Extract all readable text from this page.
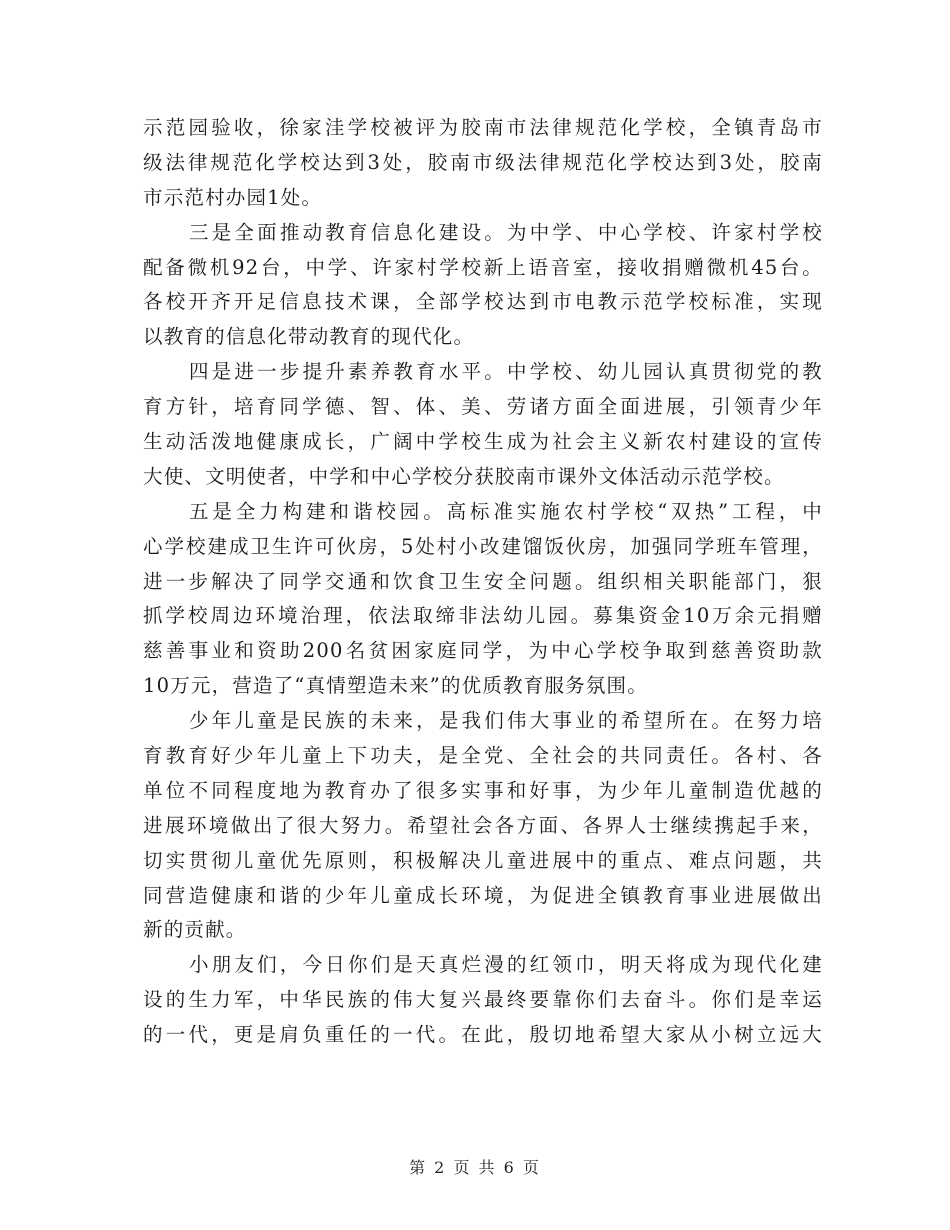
示范园验收，徐家洼学校被评为胶南市法律规范化学校，全镇青岛市
级法律规范化学校达到3处，胶南市级法律规范化学校达到3处，胶南
市示范村办园1处。
三是全面推动教育信息化建设。为中学、中心学校、许家村学校
配备微机92台，中学、许家村学校新上语音室，接收捐赠微机45台。
各校开齐开足信息技术课，全部学校达到市电教示范学校标准，实现
以教育的信息化带动教育的现代化。
四是进一步提升素养教育水平。中学校、幼儿园认真贯彻党的教
育方针，培育同学德、智、体、美、劳诸方面全面进展，引领青少年
生动活泼地健康成长，广阔中学校生成为社会主义新农村建设的宣传
大使、文明使者，中学和中心学校分获胶南市课外文体活动示范学校。
五是全力构建和谐校园。高标准实施农村学校“双热”工程，中
心学校建成卫生许可伙房，5处村小改建馏饭伙房，加强同学班车管理，
进一步解决了同学交通和饮食卫生安全问题。组织相关职能部门，狠
抓学校周边环境治理，依法取缔非法幼儿园。募集资金10万余元捐赠
慈善事业和资助200名贫困家庭同学，为中心学校争取到慈善资助款
10万元，营造了“真情塑造未来”的优质教育服务氛围。
少年儿童是民族的未来，是我们伟大事业的希望所在。在努力培
育教育好少年儿童上下功夫，是全党、全社会的共同责任。各村、各
单位不同程度地为教育办了很多实事和好事，为少年儿童制造优越的
进展环境做出了很大努力。希望社会各方面、各界人士继续携起手来，
切实贯彻儿童优先原则，积极解决儿童进展中的重点、难点问题，共
同营造健康和谐的少年儿童成长环境，为促进全镇教育事业进展做出
新的贡献。
小朋友们，今日你们是天真烂漫的红领巾，明天将成为现代化建
设的生力军，中华民族的伟大复兴最终要靠你们去奋斗。你们是幸运
的一代，更是肩负重任的一代。在此，殷切地希望大家从小树立远大
第 2 页 共 6 页
